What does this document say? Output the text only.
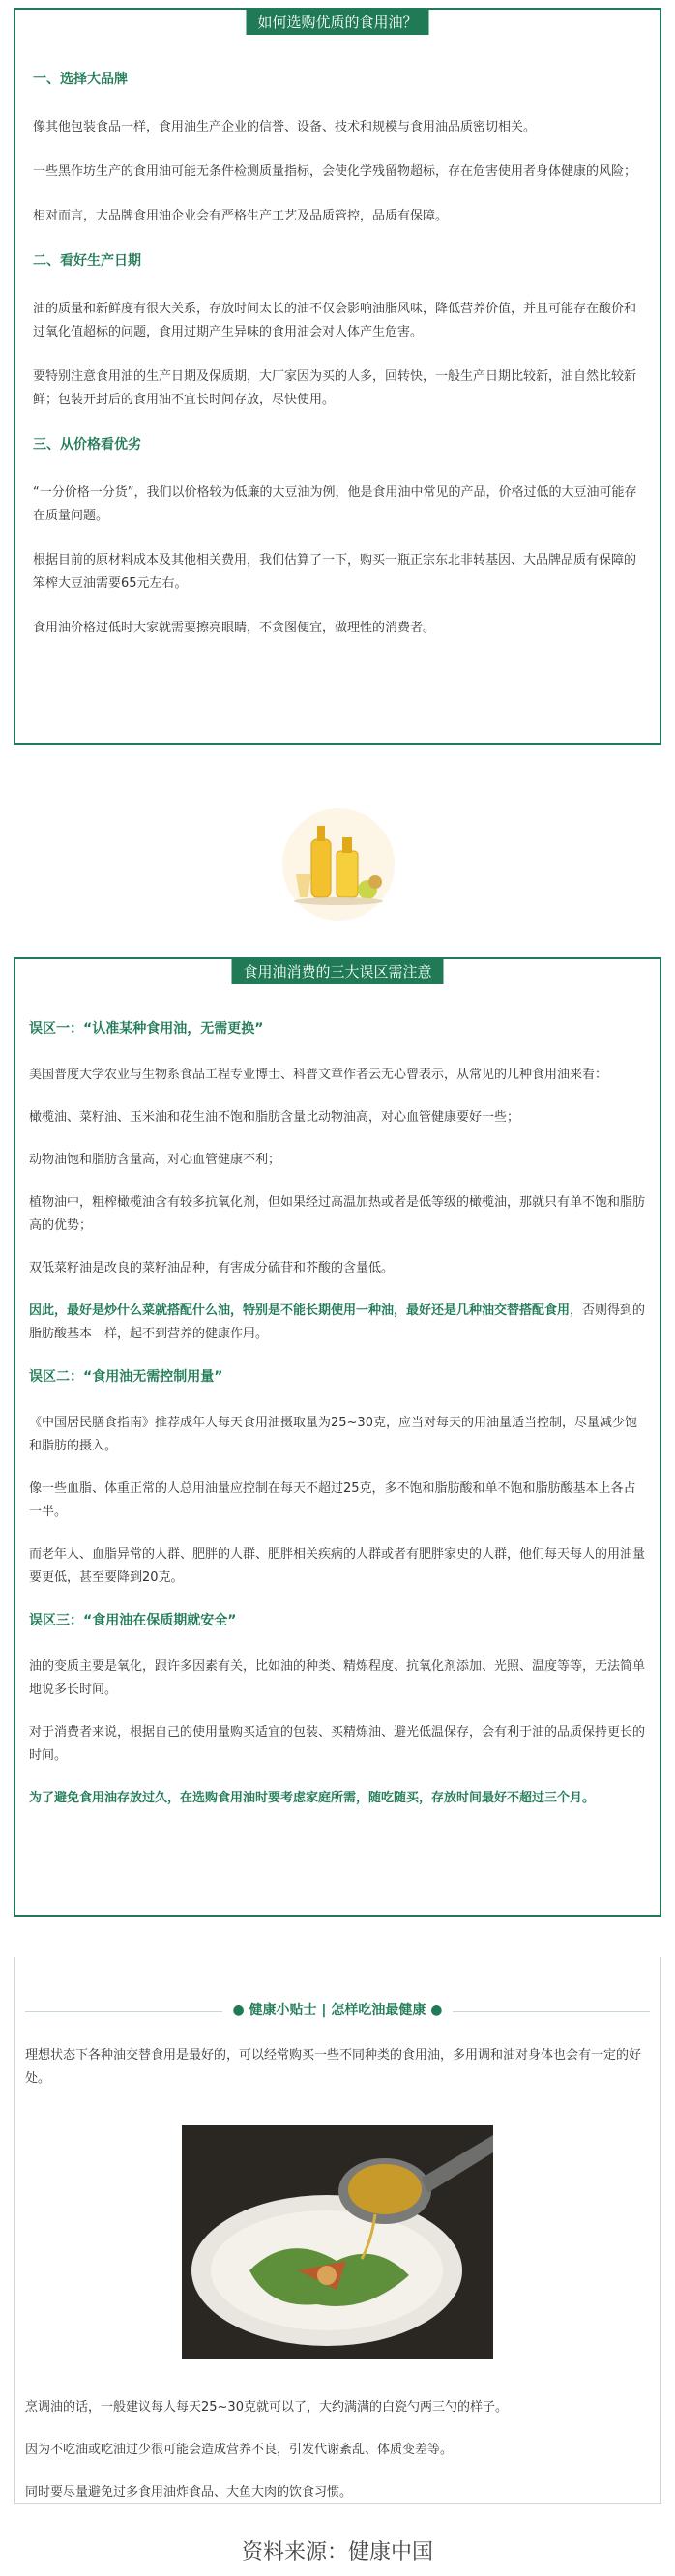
如何选购优质的食用油？

一、选择大品牌

像其他包装食品一样，食用油生产企业的信誉、设备、技术和规模与食用油品质密切相关。

一些黑作坊生产的食用油可能无条件检测质量指标，会使化学残留物超标，存在危害使用者身体健康的风险；

相对而言，大品牌食用油企业会有严格生产工艺及品质管控，品质有保障。

二、看好生产日期

油的质量和新鲜度有很大关系，存放时间太长的油不仅会影响油脂风味，降低营养价值，并且可能存在酸价和过氧化值超标的问题，食用过期产生异味的食用油会对人体产生危害。

要特别注意食用油的生产日期及保质期，大厂家因为买的人多，回转快，一般生产日期比较新，油自然比较新鲜；包装开封后的食用油不宜长时间存放，尽快使用。

三、从价格看优劣

“一分价格一分货”，我们以价格较为低廉的大豆油为例，他是食用油中常见的产品，价格过低的大豆油可能存在质量问题。

根据目前的原材料成本及其他相关费用，我们估算了一下，购买一瓶正宗东北非转基因、大品牌品质有保障的笨榨大豆油需要65元左右。

食用油价格过低时大家就需要擦亮眼睛，不贪图便宜，做理性的消费者。

食用油消费的三大误区需注意

误区一：“认准某种食用油，无需更换”

美国普度大学农业与生物系食品工程专业博士、科普文章作者云无心曾表示，从常见的几种食用油来看：

橄榄油、菜籽油、玉米油和花生油不饱和脂肪含量比动物油高，对心血管健康要好一些；

动物油饱和脂肪含量高，对心血管健康不利；

植物油中，粗榨橄榄油含有较多抗氧化剂，但如果经过高温加热或者是低等级的橄榄油，那就只有单不饱和脂肪高的优势；

双低菜籽油是改良的菜籽油品种，有害成分硫苷和芥酸的含量低。

因此，最好是炒什么菜就搭配什么油，特别是不能长期使用一种油，最好还是几种油交替搭配食用，否则得到的脂肪酸基本一样，起不到营养的健康作用。

误区二：“食用油无需控制用量”

《中国居民膳食指南》推荐成年人每天食用油摄取量为25~30克，应当对每天的用油量适当控制，尽量减少饱和脂肪的摄入。

像一些血脂、体重正常的人总用油量应控制在每天不超过25克，多不饱和脂肪酸和单不饱和脂肪酸基本上各占一半。

而老年人、血脂异常的人群、肥胖的人群、肥胖相关疾病的人群或者有肥胖家史的人群，他们每天每人的用油量要更低，甚至要降到20克。

误区三：“食用油在保质期就安全”

油的变质主要是氧化，跟许多因素有关，比如油的种类、精炼程度、抗氧化剂添加、光照、温度等等，无法简单地说多长时间。

对于消费者来说，根据自己的使用量购买适宜的包装、买精炼油、避光低温保存，会有利于油的品质保持更长的时间。

为了避免食用油存放过久，在选购食用油时要考虑家庭所需，随吃随买，存放时间最好不超过三个月。

● 健康小贴士 | 怎样吃油最健康 ●

理想状态下各种油交替食用是最好的，可以经常购买一些不同种类的食用油，多用调和油对身体也会有一定的好处。

烹调油的话，一般建议每人每天25~30克就可以了，大约满满的白瓷勺两三勺的样子。

因为不吃油或吃油过少很可能会造成营养不良，引发代谢紊乱、体质变差等。

同时要尽量避免过多食用油炸食品、大鱼大肉的饮食习惯。

资料来源：健康中国
